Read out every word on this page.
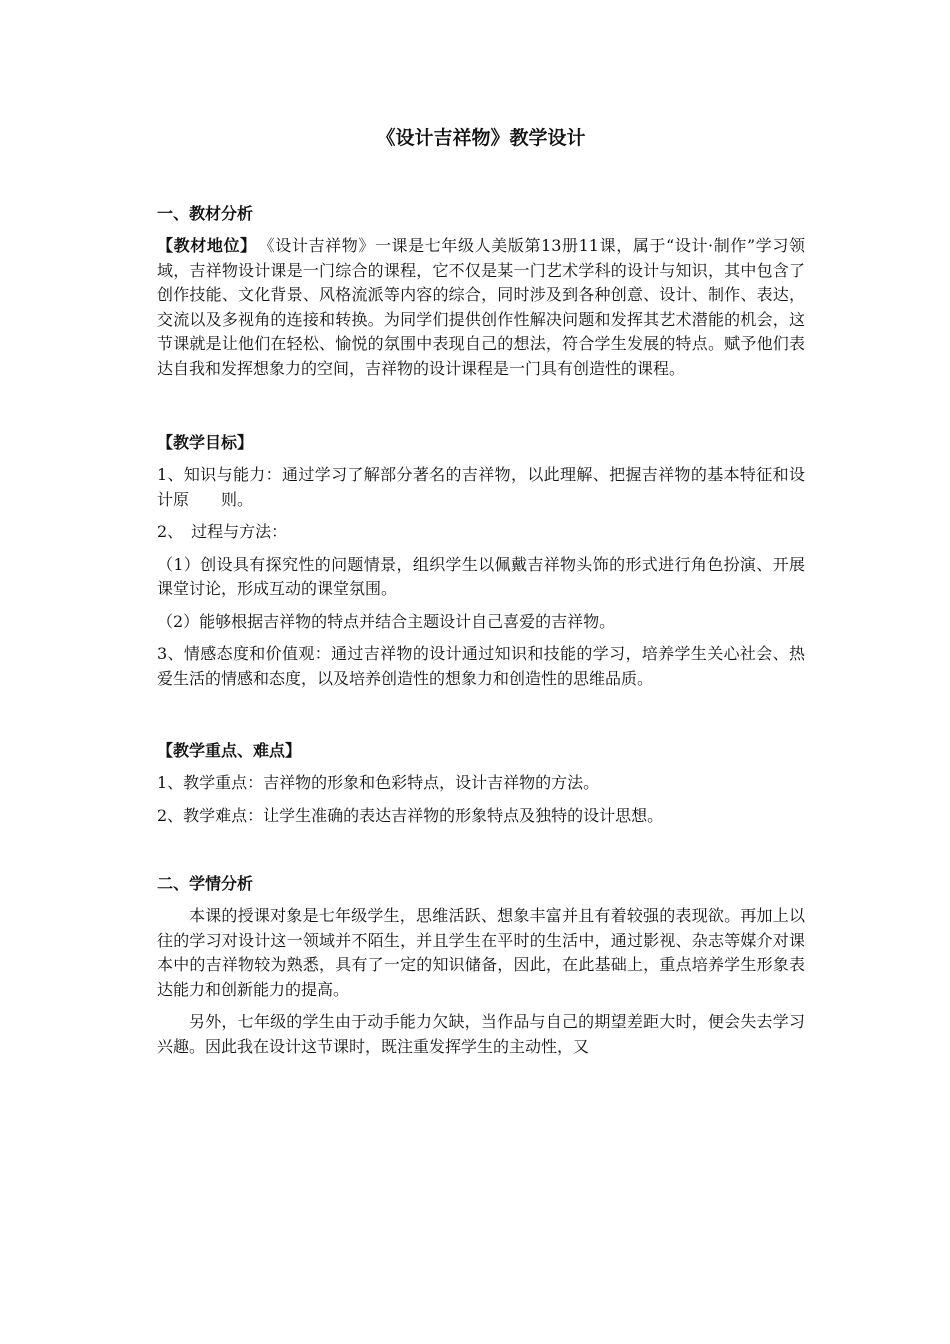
《设计吉祥物》教学设计
一、教材分析
【教材地位】 《设计吉祥物》一课是七年级人美版第13册11课，属于“设计·制作”学习领域，吉祥物设计课是一门综合的课程，它不仅是某一门艺术学科的设计与知识，其中包含了创作技能、文化背景、风格流派等内容的综合，同时涉及到各种创意、设计、制作、表达，交流以及多视角的连接和转换。为同学们提供创作性解决问题和发挥其艺术潜能的机会，这节课就是让他们在轻松、愉悦的氛围中表现自己的想法，符合学生发展的特点。赋予他们表达自我和发挥想象力的空间，吉祥物的设计课程是一门具有创造性的课程。
【教学目标】
1、知识与能力：通过学习了解部分著名的吉祥物，以此理解、把握吉祥物的基本特征和设计原　　则。
2、　过程与方法：
（1）创设具有探究性的问题情景，组织学生以佩戴吉祥物头饰的形式进行角色扮演、开展课堂讨论，形成互动的课堂氛围。
（2）能够根据吉祥物的特点并结合主题设计自己喜爱的吉祥物。
3、情感态度和价值观：通过吉祥物的设计通过知识和技能的学习，培养学生关心社会、热爱生活的情感和态度，以及培养创造性的想象力和创造性的思维品质。
【教学重点、难点】
1、教学重点：吉祥物的形象和色彩特点，设计吉祥物的方法。
2、教学难点：让学生准确的表达吉祥物的形象特点及独特的设计思想。
二、学情分析
本课的授课对象是七年级学生，思维活跃、想象丰富并且有着较强的表现欲。再加上以往的学习对设计这一领域并不陌生，并且学生在平时的生活中，通过影视、杂志等媒介对课本中的吉祥物较为熟悉，具有了一定的知识储备，因此，在此基础上，重点培养学生形象表达能力和创新能力的提高。
另外，七年级的学生由于动手能力欠缺，当作品与自己的期望差距大时，便会失去学习兴趣。因此我在设计这节课时，既注重发挥学生的主动性，又
